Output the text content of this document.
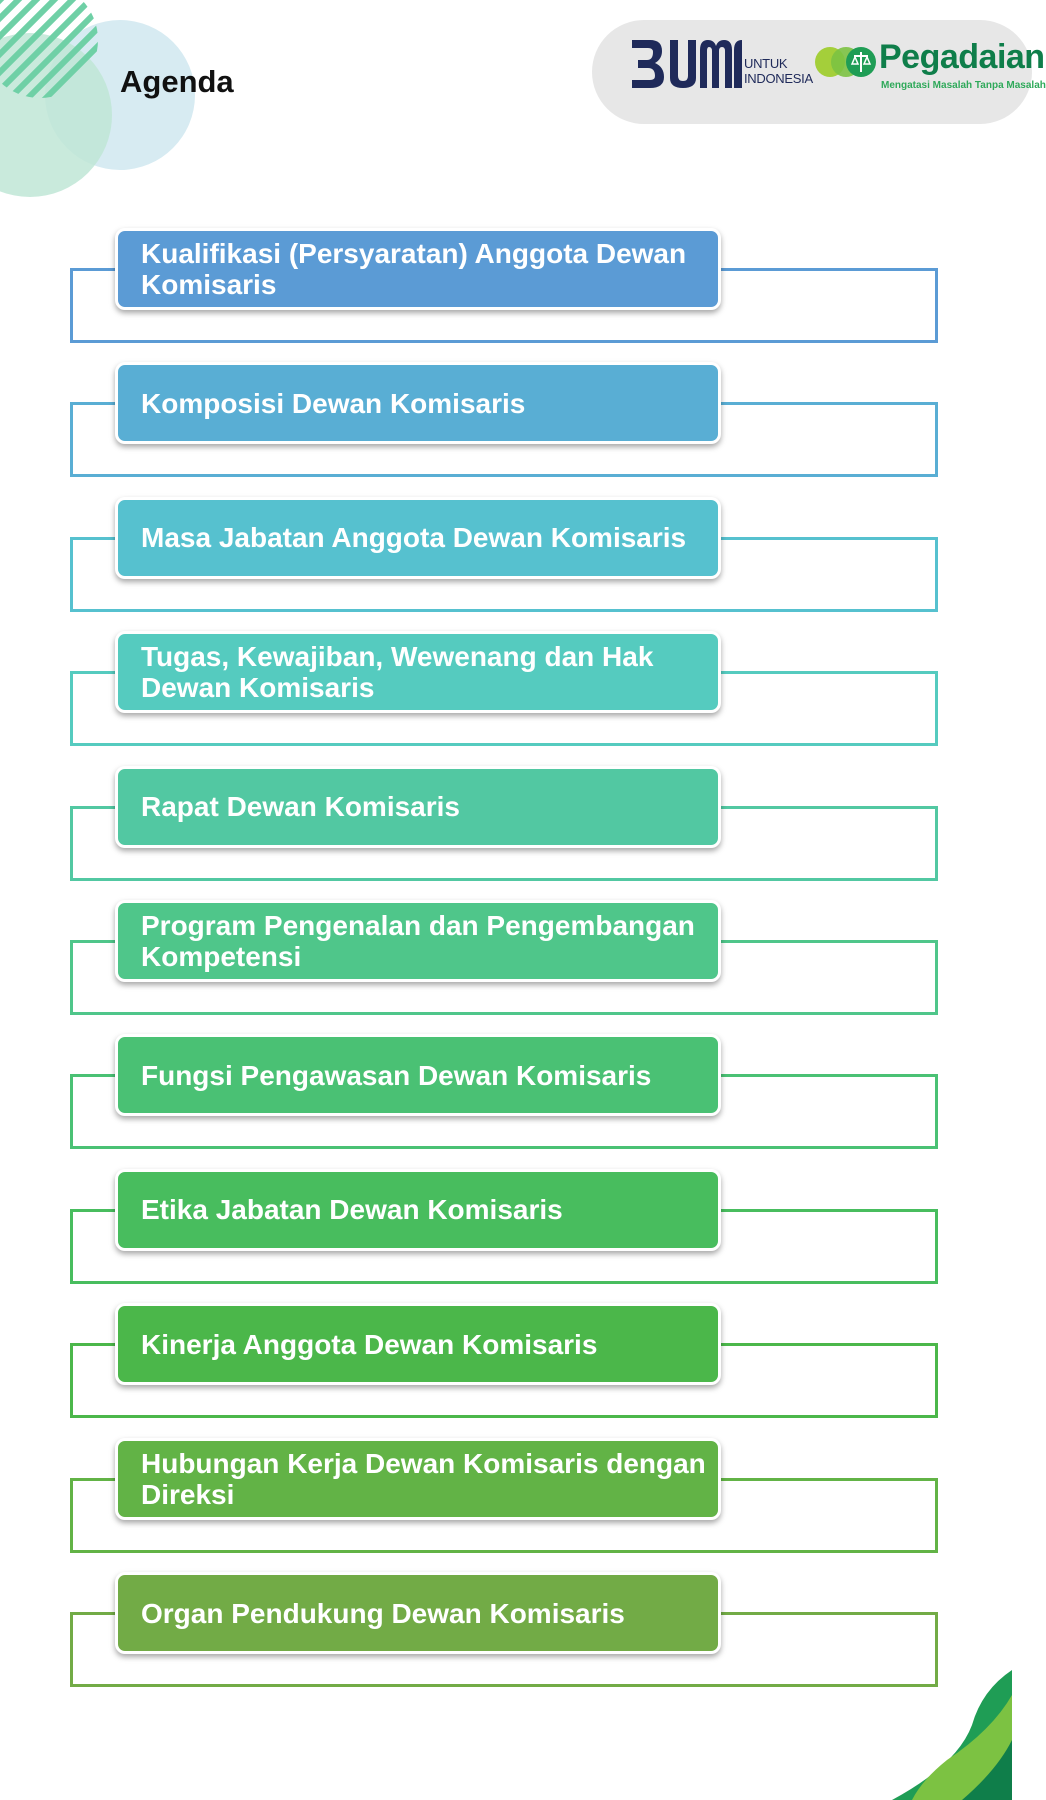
Agenda
UNTUK
INDONESIA
Pegadaian
Mengatasi Masalah Tanpa Masalah
Kualifikasi (Persyaratan) Anggota Dewan Komisaris
Komposisi Dewan Komisaris
Masa Jabatan Anggota Dewan Komisaris
Tugas, Kewajiban, Wewenang dan Hak Dewan Komisaris
Rapat Dewan Komisaris
Program Pengenalan dan Pengembangan Kompetensi
Fungsi Pengawasan Dewan Komisaris
Etika Jabatan Dewan Komisaris
Kinerja Anggota Dewan Komisaris
Hubungan Kerja Dewan Komisaris dengan Direksi
Organ Pendukung Dewan Komisaris
